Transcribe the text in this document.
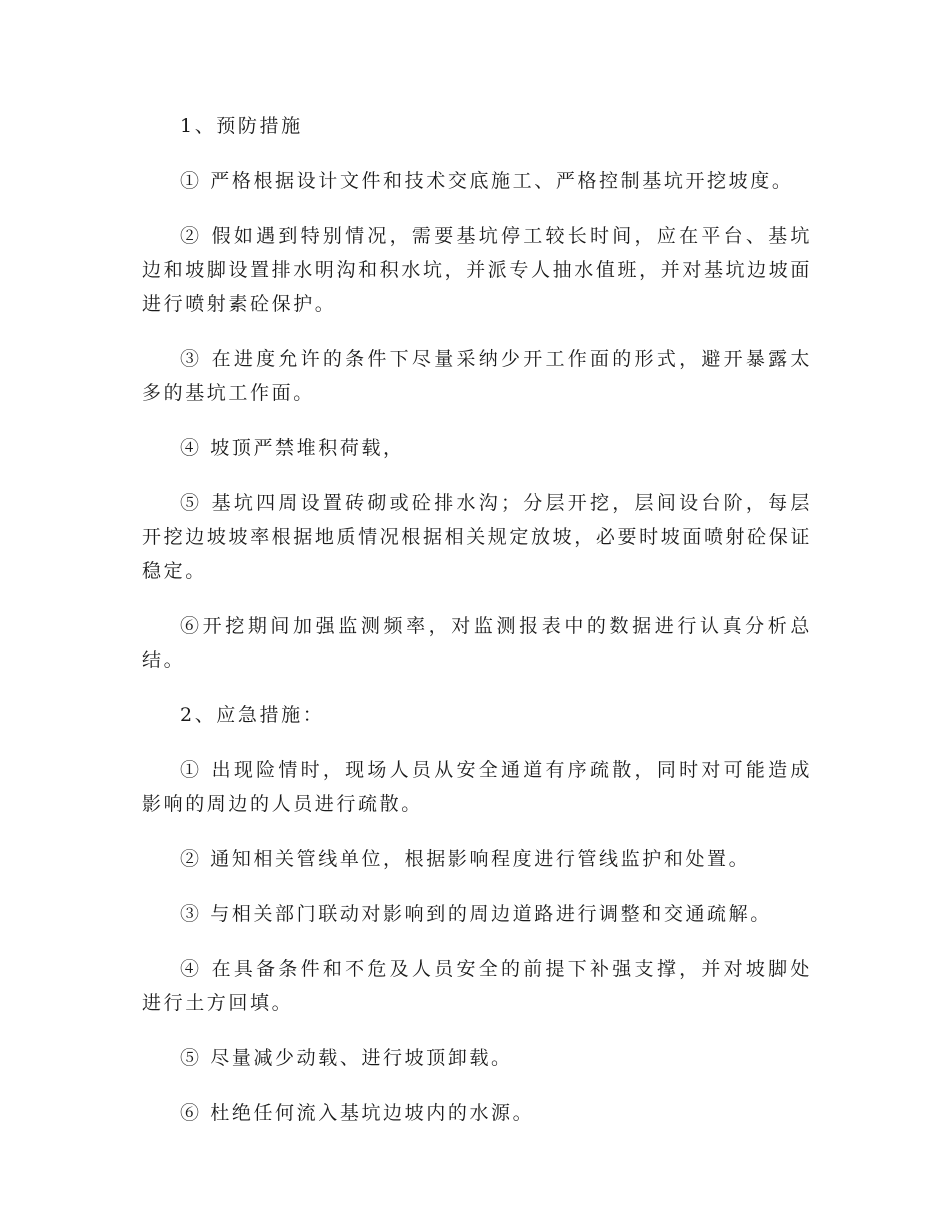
1、预防措施

① 严格根据设计文件和技术交底施工、严格控制基坑开挖坡度。

② 假如遇到特别情况，需要基坑停工较长时间，应在平台、基坑边和坡脚设置排水明沟和积水坑，并派专人抽水值班，并对基坑边坡面进行喷射素砼保护。

③ 在进度允许的条件下尽量采纳少开工作面的形式，避开暴露太多的基坑工作面。

④ 坡顶严禁堆积荷载，

⑤ 基坑四周设置砖砌或砼排水沟；分层开挖，层间设台阶，每层开挖边坡坡率根据地质情况根据相关规定放坡，必要时坡面喷射砼保证稳定。

⑥开挖期间加强监测频率，对监测报表中的数据进行认真分析总结。

2、应急措施：

① 出现险情时，现场人员从安全通道有序疏散，同时对可能造成影响的周边的人员进行疏散。

② 通知相关管线单位，根据影响程度进行管线监护和处置。

③ 与相关部门联动对影响到的周边道路进行调整和交通疏解。

④ 在具备条件和不危及人员安全的前提下补强支撑，并对坡脚处进行土方回填。

⑤ 尽量减少动载、进行坡顶卸载。

⑥ 杜绝任何流入基坑边坡内的水源。
